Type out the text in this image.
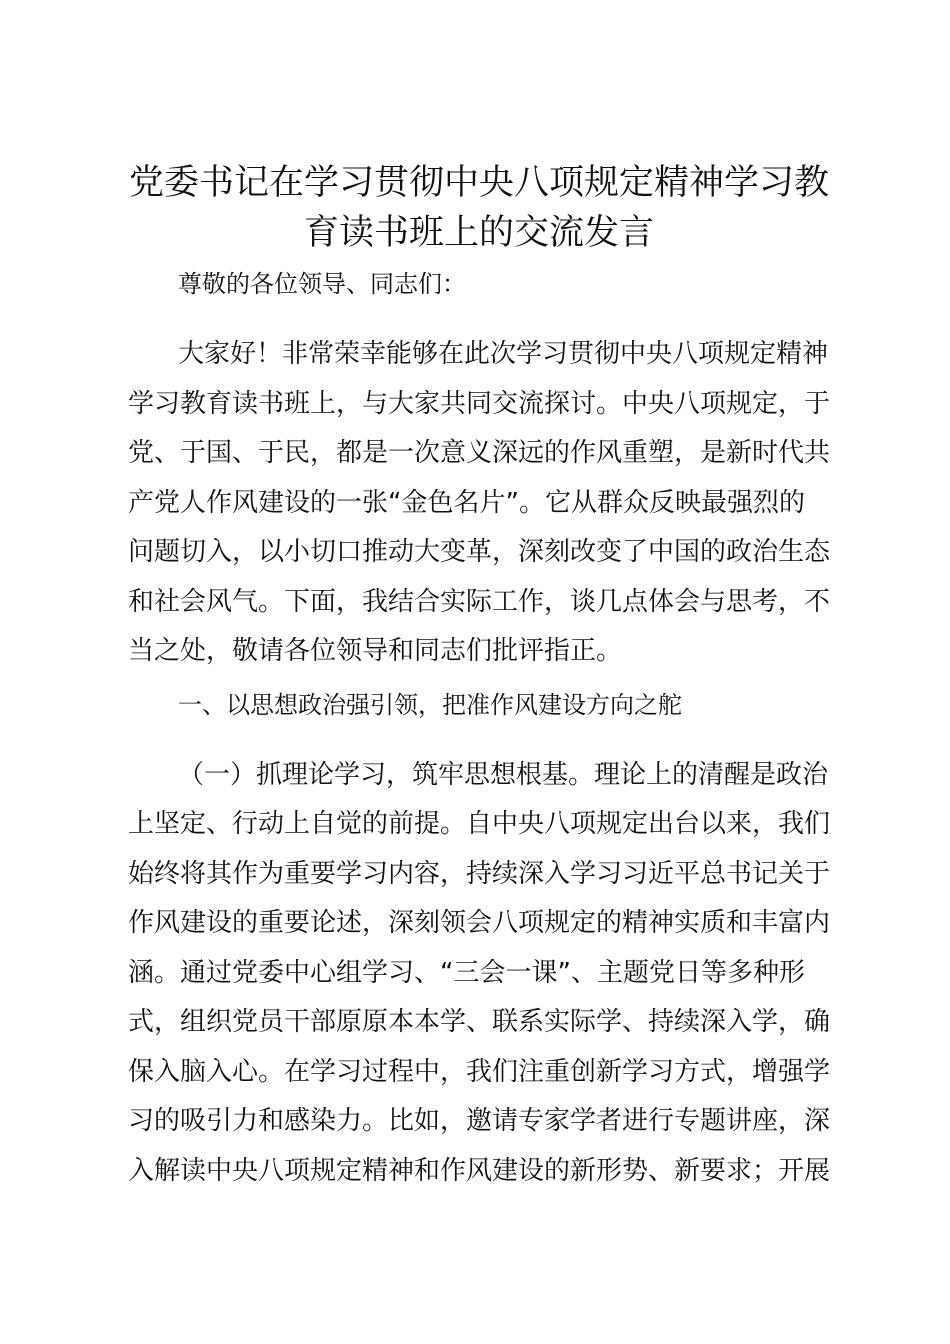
党委书记在学习贯彻中央八项规定精神学习教
育读书班上的交流发言

尊敬的各位领导、同志们：

大家好！非常荣幸能够在此次学习贯彻中央八项规定精神
学习教育读书班上，与大家共同交流探讨。中央八项规定，于
党、于国、于民，都是一次意义深远的作风重塑，是新时代共
产党人作风建设的一张“金色名片”。它从群众反映最强烈的
问题切入，以小切口推动大变革，深刻改变了中国的政治生态
和社会风气。下面，我结合实际工作，谈几点体会与思考，不
当之处，敬请各位领导和同志们批评指正。

一、以思想政治强引领，把准作风建设方向之舵

（一）抓理论学习，筑牢思想根基。理论上的清醒是政治
上坚定、行动上自觉的前提。自中央八项规定出台以来，我们
始终将其作为重要学习内容，持续深入学习习近平总书记关于
作风建设的重要论述，深刻领会八项规定的精神实质和丰富内
涵。通过党委中心组学习、“三会一课”、主题党日等多种形
式，组织党员干部原原本本学、联系实际学、持续深入学，确
保入脑入心。在学习过程中，我们注重创新学习方式，增强学
习的吸引力和感染力。比如，邀请专家学者进行专题讲座，深
入解读中央八项规定精神和作风建设的新形势、新要求；开展
